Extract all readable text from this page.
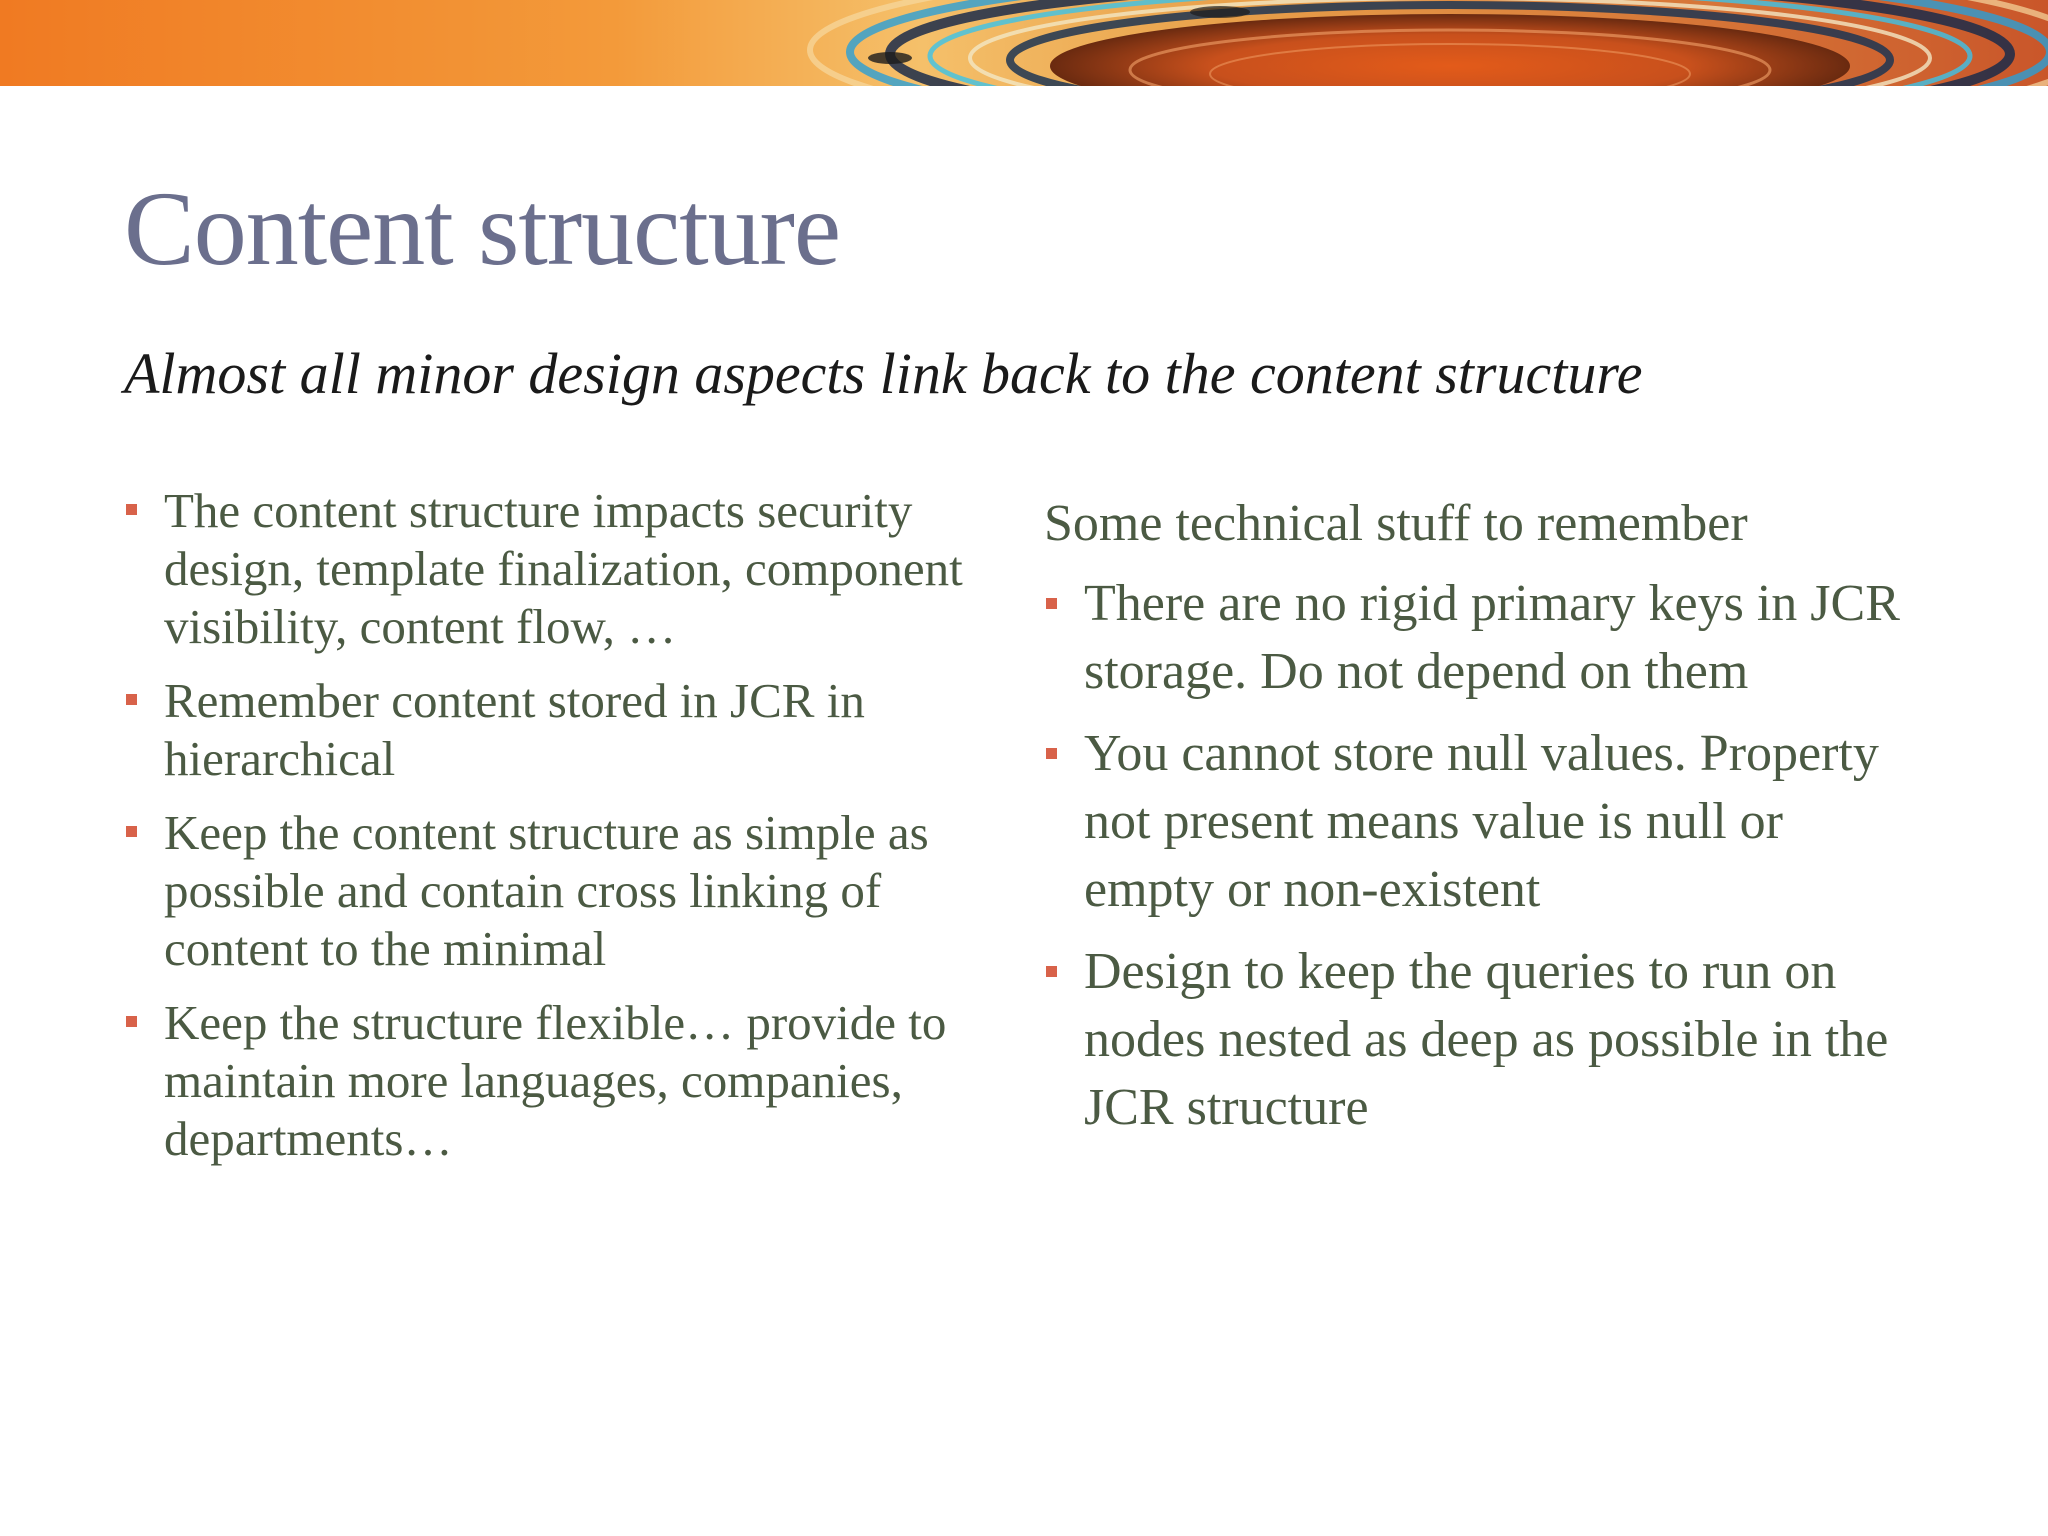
Content structure
Almost all minor design aspects link back to the content structure
The content structure impacts security design, template finalization, component visibility, content flow, …
Remember content stored in JCR in hierarchical
Keep the content structure as simple as possible and contain cross linking of content to the minimal
Keep the structure flexible… provide to maintain more languages, companies, departments…
Some technical stuff to remember
There are no rigid primary keys in JCR storage. Do not depend on them
You cannot store null values. Property not present means value is null or empty or non-existent
Design to keep the queries to run on nodes nested as deep as possible in the JCR structure
